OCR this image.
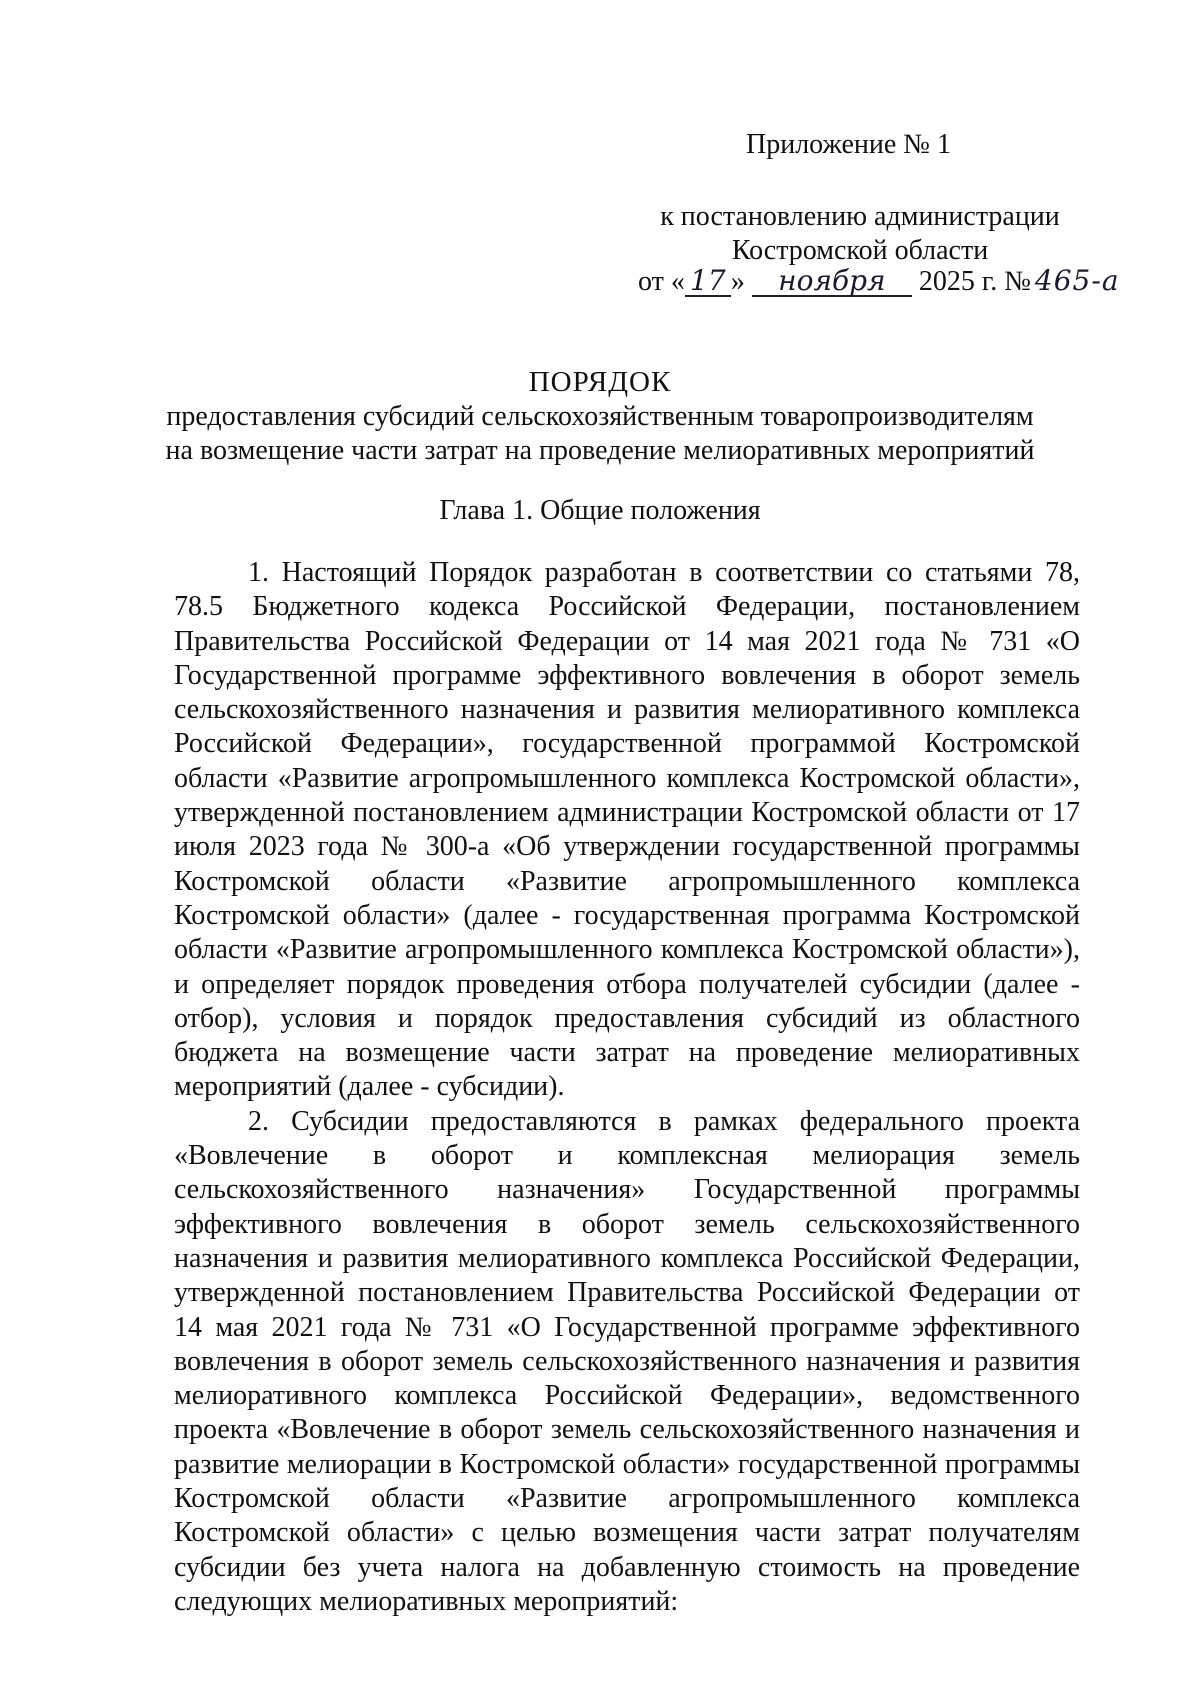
Приложение № 1
к постановлению администрации
Костромской области
от « 17 » ноября 2025 г. № 465-а
ПОРЯДОК
предоставления субсидий сельскохозяйственным товаропроизводителям
на возмещение части затрат на проведение мелиоративных мероприятий
Глава 1. Общие положения

1. Настоящий Порядок разработан в соответствии со статьями 78, 78.5 Бюджетного кодекса Российской Федерации, постановлением Правительства Российской Федерации от 14 мая 2021 года № 731 «О Государственной программе эффективного вовлечения в оборот земель сельскохозяйственного назначения и развития мелиоративного комплекса Российской Федерации», государственной программой Костромской области «Развитие агропромышленного комплекса Костромской области», утвержденной постановлением администрации Костромской области от 17 июля 2023 года № 300-а «Об утверждении государственной программы Костромской области «Развитие агропромышленного комплекса Костромской области» (далее - государственная программа Костромской области «Развитие агропромышленного комплекса Костромской области»), и определяет порядок проведения отбора получателей субсидии (далее - отбор), условия и порядок предоставления субсидий из областного бюджета на возмещение части затрат на проведение мелиоративных мероприятий (далее - субсидии).

2. Субсидии предоставляются в рамках федерального проекта «Вовлечение в оборот и комплексная мелиорация земель сельскохозяйственного назначения» Государственной программы эффективного вовлечения в оборот земель сельскохозяйственного назначения и развития мелиоративного комплекса Российской Федерации, утвержденной постановлением Правительства Российской Федерации от 14 мая 2021 года № 731 «О Государственной программе эффективного вовлечения в оборот земель сельскохозяйственного назначения и развития мелиоративного комплекса Российской Федерации», ведомственного проекта «Вовлечение в оборот земель сельскохозяйственного назначения и развитие мелиорации в Костромской области» государственной программы Костромской области «Развитие агропромышленного комплекса Костромской области» с целью возмещения части затрат получателям субсидии без учета налога на добавленную стоимость на проведение следующих мелиоративных мероприятий:
